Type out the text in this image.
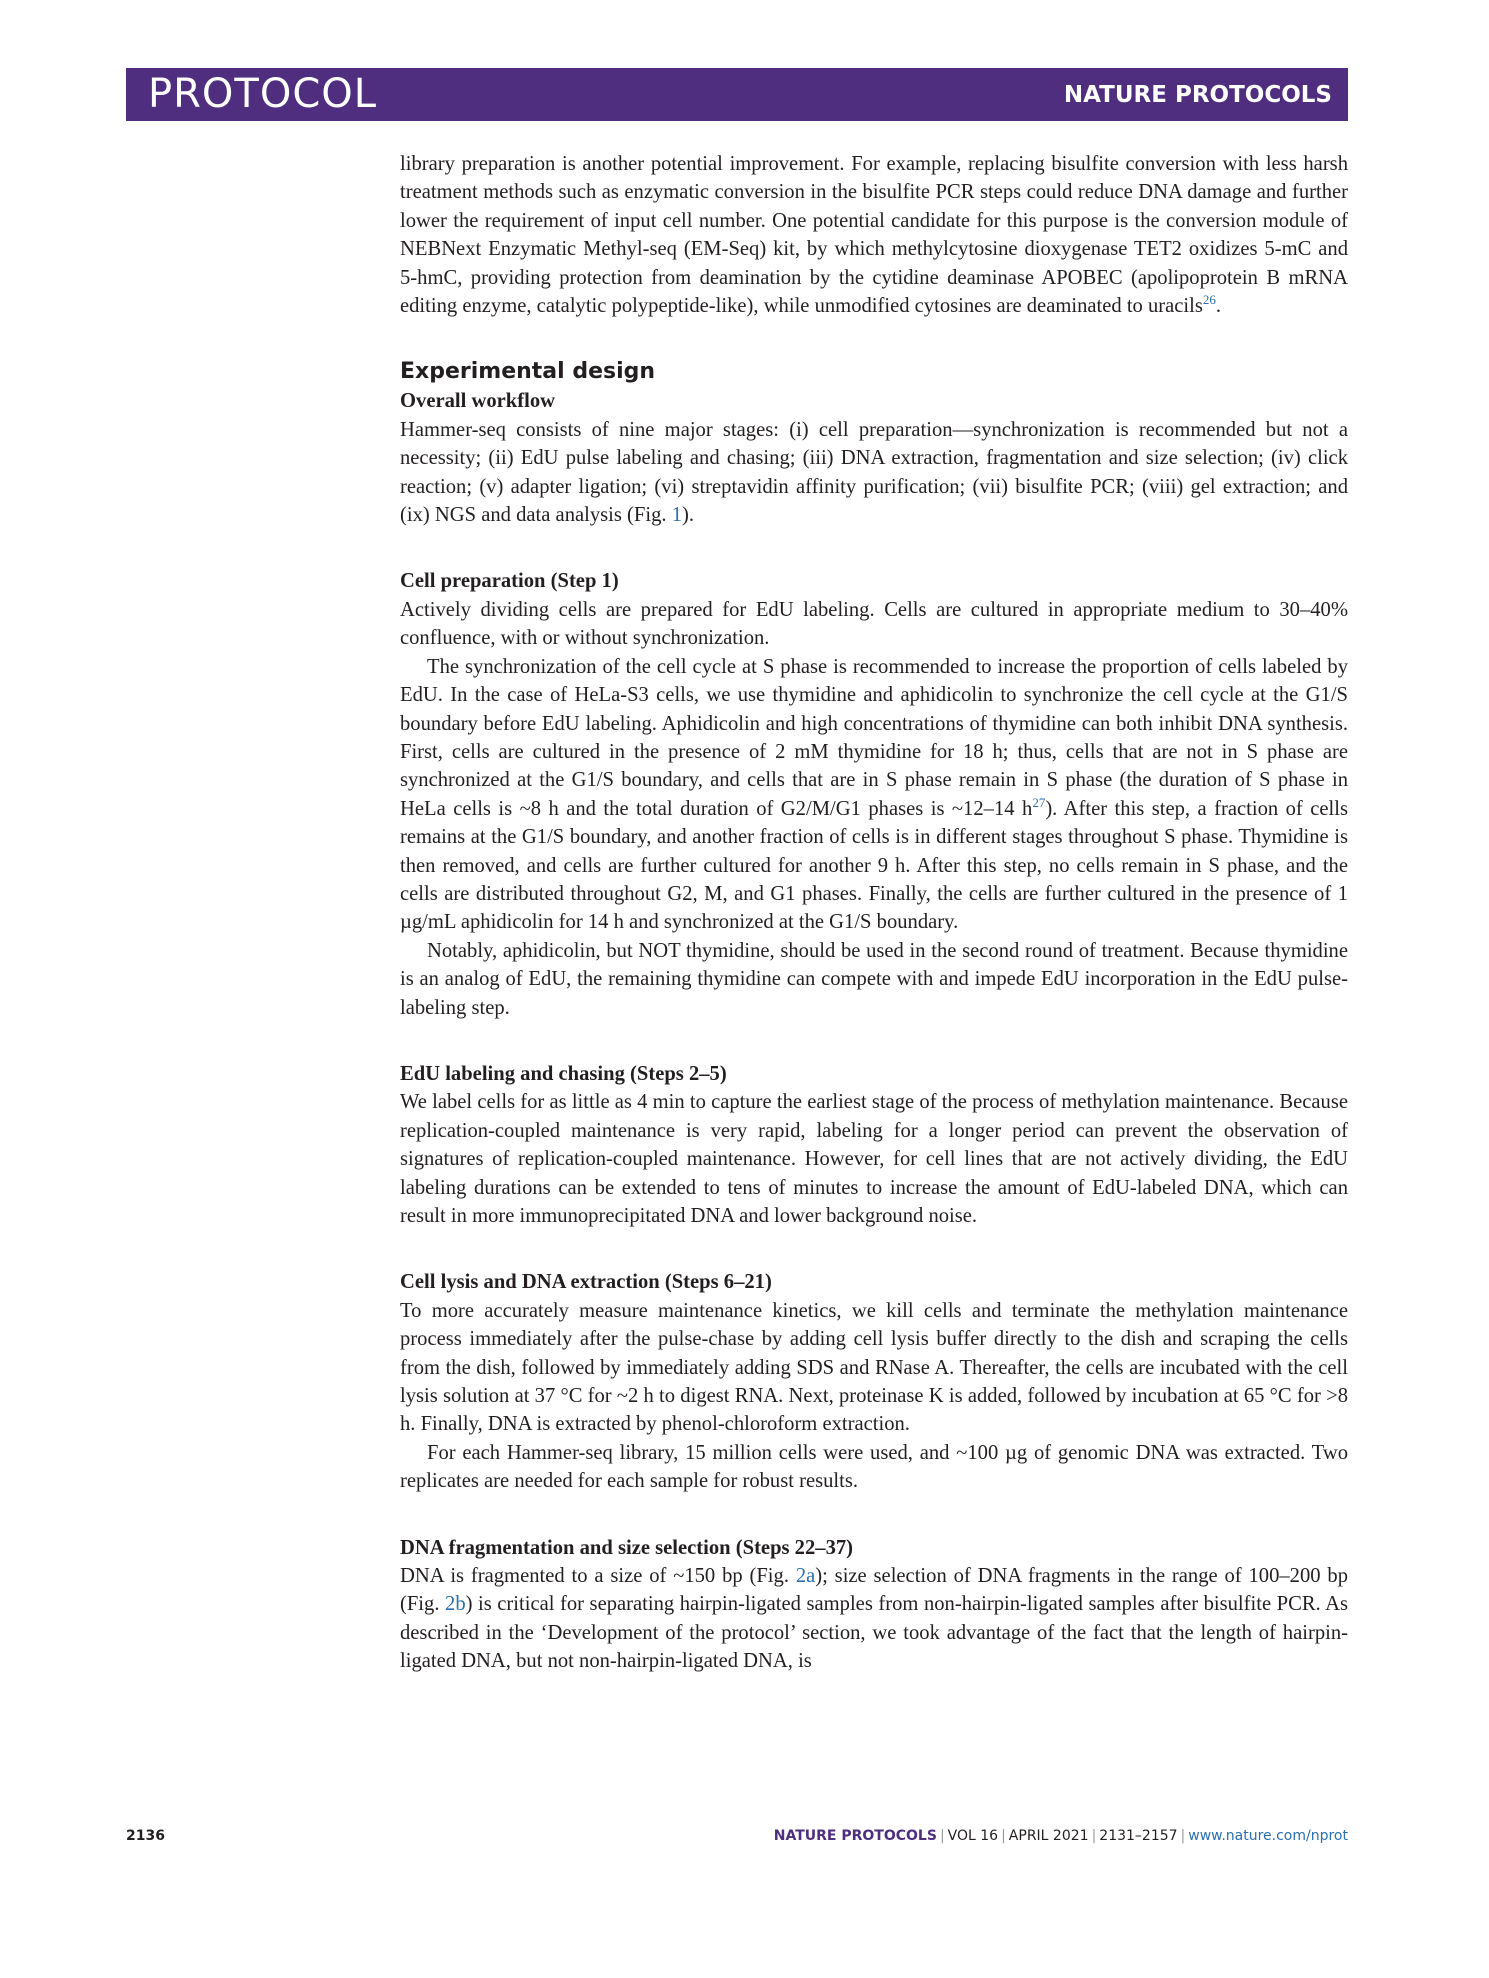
PROTOCOL	NATURE PROTOCOLS

library preparation is another potential improvement. For example, replacing bisulfite conversion with less harsh treatment methods such as enzymatic conversion in the bisulfite PCR steps could reduce DNA damage and further lower the requirement of input cell number. One potential candidate for this purpose is the conversion module of NEBNext Enzymatic Methyl-seq (EM-Seq) kit, by which methylcytosine dioxygenase TET2 oxidizes 5-mC and 5-hmC, providing protection from deamination by the cytidine deaminase APOBEC (apolipoprotein B mRNA editing enzyme, catalytic polypeptide-like), while unmodified cytosines are deaminated to uracils$^{26}$.

Experimental design
Overall workflow

Hammer-seq consists of nine major stages: (i) cell preparation—synchronization is recommended but not a necessity; (ii) EdU pulse labeling and chasing; (iii) DNA extraction, fragmentation and size selection; (iv) click reaction; (v) adapter ligation; (vi) streptavidin affinity purification; (vii) bisulfite PCR; (viii) gel extraction; and (ix) NGS and data analysis (Fig. 1).

Cell preparation (Step 1)

Actively dividing cells are prepared for EdU labeling. Cells are cultured in appropriate medium to 30–40% confluence, with or without synchronization.

The synchronization of the cell cycle at S phase is recommended to increase the proportion of cells labeled by EdU. In the case of HeLa-S3 cells, we use thymidine and aphidicolin to synchronize the cell cycle at the G1/S boundary before EdU labeling. Aphidicolin and high concentrations of thymidine can both inhibit DNA synthesis. First, cells are cultured in the presence of 2 mM thymidine for 18 h; thus, cells that are not in S phase are synchronized at the G1/S boundary, and cells that are in S phase remain in S phase (the duration of S phase in HeLa cells is ~8 h and the total duration of G2/M/G1 phases is ~12–14 h$^{27}$). After this step, a fraction of cells remains at the G1/S boundary, and another fraction of cells is in different stages throughout S phase. Thymidine is then removed, and cells are further cultured for another 9 h. After this step, no cells remain in S phase, and the cells are distributed throughout G2, M, and G1 phases. Finally, the cells are further cultured in the presence of 1 µg/mL aphidicolin for 14 h and synchronized at the G1/S boundary.

Notably, aphidicolin, but NOT thymidine, should be used in the second round of treatment. Because thymidine is an analog of EdU, the remaining thymidine can compete with and impede EdU incorporation in the EdU pulse-labeling step.

EdU labeling and chasing (Steps 2–5)

We label cells for as little as 4 min to capture the earliest stage of the process of methylation maintenance. Because replication-coupled maintenance is very rapid, labeling for a longer period can prevent the observation of signatures of replication-coupled maintenance. However, for cell lines that are not actively dividing, the EdU labeling durations can be extended to tens of minutes to increase the amount of EdU-labeled DNA, which can result in more immunoprecipitated DNA and lower background noise.

Cell lysis and DNA extraction (Steps 6–21)

To more accurately measure maintenance kinetics, we kill cells and terminate the methylation maintenance process immediately after the pulse-chase by adding cell lysis buffer directly to the dish and scraping the cells from the dish, followed by immediately adding SDS and RNase A. Thereafter, the cells are incubated with the cell lysis solution at 37 °C for ~2 h to digest RNA. Next, proteinase K is added, followed by incubation at 65 °C for >8 h. Finally, DNA is extracted by phenol-chloroform extraction.

For each Hammer-seq library, 15 million cells were used, and ~100 µg of genomic DNA was extracted. Two replicates are needed for each sample for robust results.

DNA fragmentation and size selection (Steps 22–37)

DNA is fragmented to a size of ~150 bp (Fig. 2a); size selection of DNA fragments in the range of 100–200 bp (Fig. 2b) is critical for separating hairpin-ligated samples from non-hairpin-ligated samples after bisulfite PCR. As described in the ‘Development of the protocol’ section, we took advantage of the fact that the length of hairpin-ligated DNA, but not non-hairpin-ligated DNA, is

2136	NATURE PROTOCOLS | VOL 16 | APRIL 2021 | 2131–2157 | www.nature.com/nprot
